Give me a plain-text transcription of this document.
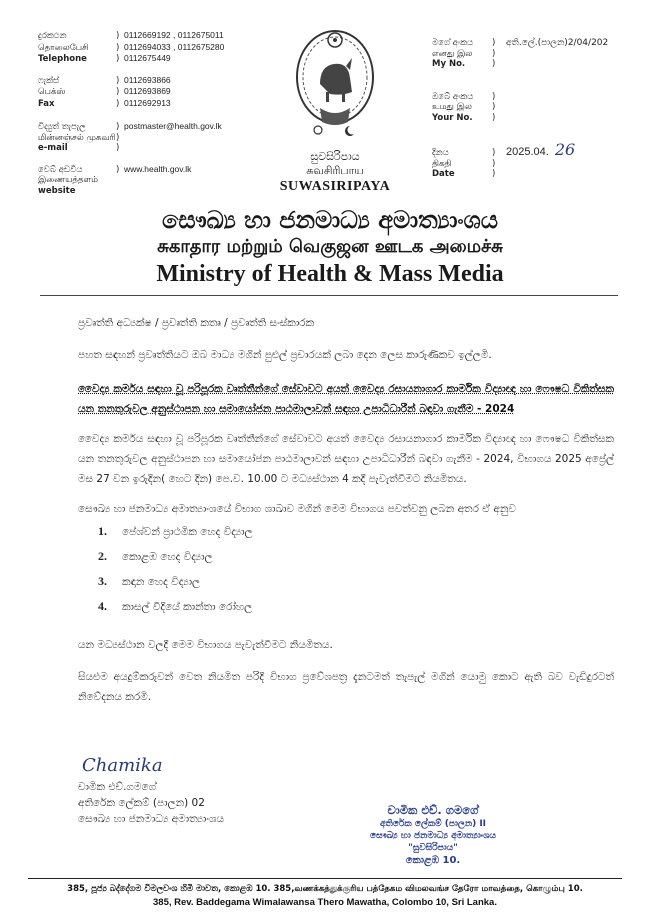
දුරකථන	) 0112669192 , 0112675011
தொலைபேசி	) 0112694033 , 0112675280
Telephone	) 0112675449
ෆැක්ස්	) 0112693866
பெக்ஸ்	) 0112693869
Fax	) 0112692913
විද්‍යුත් තැපැල	) postmaster@health.gov.lk
மின்னஞ்சல் முகவரி)
e-mail	)
වෙබ් අඩවිය	) www.health.gov.lk
இணையத்தளம்
website
සුවසිරිපාය
சுவசிரிபாய
SUWASIRIPAYA
මගේ අංකය ) අති.ලේ.(පාලන)2/04/202
எனது இல )
My No.	)
ඔබේ අංකය )
உமது இல )
Your No. )
දිනය	) 2025.04. 26
திகதி	)
Date	)
සෞඛ්‍ය හා ජනමාධ්‍ය අමාත්‍යාංශය
சுகாதார மற்றும் வெகுஜன ஊடக அமைச்சு
Ministry of Health & Mass Media
ප්‍රවෘත්ති අධ්‍යක්ෂ / ප්‍රවෘත්ති කතෘ / ප්‍රවෘත්ති සංස්කාරක
පහත සඳහන් ප්‍රවෘත්තියට ඔබ මාධ්‍ය මගින් පුළුල් ප්‍රචාරයක් ලබා දෙන ලෙස කාරුණිකව ඉල්ලමි.
වෛද්‍ය කර්මය සඳහා වූ පරිපූරක වෘත්තීන්ගේ සේවාවට අයත් වෛද්‍ය රසායනාගාර කාර්මික විද්‍යාඥ හා ෆෞෂධ විකිත්සක යන තනතුරුවල අනුස්ථාපන හා සමායෝජන පාඨමාලාවන් සඳහා උපාධිධාරීන් බඳවා ගැනීම - 2024
වෛද්‍ය කර්මය සඳහා වූ පරිපූරක වෘත්තීන්ගේ සේවාවට අයත් වෛද්‍ය රසායනාගාර කාර්මික විද්‍යාඥ හා ෆෞෂධ විකිත්සක යන තනතුරුවල අනුස්ථාපන හා සමායෝජන පාඨමාලාවන් සඳහා උපාධිධාරීන් බඳවා ගැනීම - 2024, විභාගය 2025 අප්‍රේල් මස 27 වන ඉරුදින( හෙට දින) පෙ.ව. 10.00 ට මධ්‍යස්ථාන 4 කදී පැවැත්වීමට නියමිතය.
සෞඛ්‍ය හා ජනමාධ්‍ය අමාත්‍යාංශයේ විභාග ශාඛාව මගින් මෙම විභාගය පවත්වනු ලබන අතර ඒ අනුව
1. පේශ්වන් ප්‍රාථමික හෙද විද්‍යාල
2. කොළඹ හෙද විද්‍යාල
3. කඳාන හෙද විද්‍යාල
4. කාසල් වීදියේ කාන්තා රෝහල
යන මධ්‍යස්ථාන වලදී මෙම විභාගය පැවැත්වීමට නියමිතය.
සියළුම අයදුම්කරුවන් වෙත නියමිත පරිදි විභාග ප්‍රවේශපත්‍ර දැනටමත් තැපැල් මගින් යොමු කොට ඇති බව වැඩිදුරටත් නිවේදනය කරමි.
Chamika
චාමික එච්.ගමගේ
අතිරේක ලේකම් (පාලන) 02
සෞඛ්‍ය හා ජනමාධ්‍ය අමාත්‍යාංශය
චාමික එච්. ගමගේ
අතිරේක ලේකම් (පාලන) II
සෞඛ්‍ය හා ජනමාධ්‍ය අමාත්‍යාංශය
"සුවසිරිපාය"
කොළඹ 10.
385, පූජ්‍ය බද්දේගම විමලවංශ හිමි මාවත, කොළඹ 10. 385,வணக்கத்துக்குரிய பத்தேகம விமலவங்ச தேரோ மாவத்தை, கொழும்பு 10.
385, Rev. Baddegama Wimalawansa Thero Mawatha, Colombo 10, Sri Lanka.
